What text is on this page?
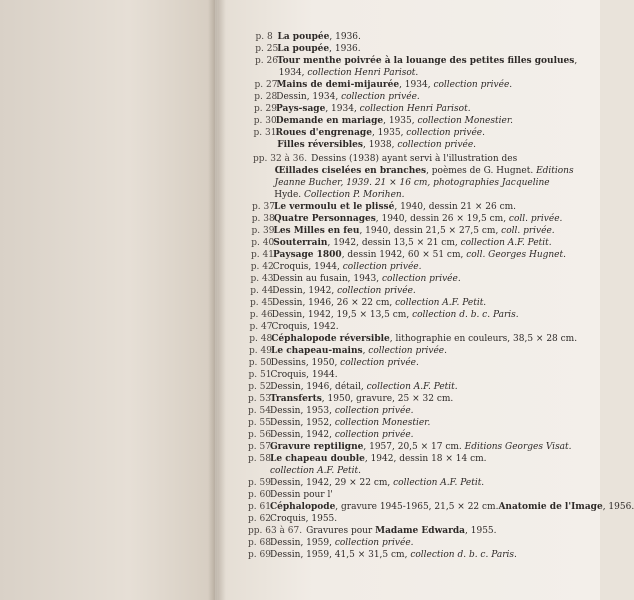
p. 8 La poupée, 1936.
p. 25La poupée, 1936.
p. 26Tour menthe poivrée à la louange des petites filles goulues,
1934, collection Henri Parisot.
p. 27Mains de demi-mijaurée, 1934, collection privée.
p. 28Dessin, 1934, collection privée.
p. 29Pays-sage, 1934, collection Henri Parisot.
p. 30Demande en mariage, 1935, collection Monestier.
p. 31Roues d'engrenage, 1935, collection privée.
Filles réversibles, 1938, collection privée.
pp. 32 à 36. Dessins (1938) ayant servi à l'illustration des
Œillades ciselées en branches, poèmes de G. Hugnet. Editions
Jeanne Bucher, 1939. 21 × 16 cm, photographies Jacqueline
Hyde. Collection P. Morihen.
p. 37Le vermoulu et le plissé, 1940, dessin 21 × 26 cm.
p. 38Quatre Personnages, 1940, dessin 26 × 19,5 cm, coll. privée.
p. 39Les Milles en feu, 1940, dessin 21,5 × 27,5 cm, coll. privée.
p. 40Souterrain, 1942, dessin 13,5 × 21 cm, collection A.F. Petit.
p. 41Paysage 1800, dessin 1942, 60 × 51 cm, coll. Georges Hugnet.
p. 42Croquis, 1944, collection privée.
p. 43Dessin au fusain, 1943, collection privée.
p. 44Dessin, 1942, collection privée.
p. 45Dessin, 1946, 26 × 22 cm, collection A.F. Petit.
p. 46Dessin, 1942, 19,5 × 13,5 cm, collection d. b. c. Paris.
p. 47Croquis, 1942.
p. 48Céphalopode réversible, lithographie en couleurs, 38,5 × 28 cm.
p. 49Le chapeau-mains, collection privée.
p. 50Dessins, 1950, collection privée.
p. 51Croquis, 1944.
p. 52Dessin, 1946, détail, collection A.F. Petit.
p. 53Transferts, 1950, gravure, 25 × 32 cm.
p. 54Dessin, 1953, collection privée.
p. 55Dessin, 1952, collection Monestier.
p. 56Dessin, 1942, collection privée.
p. 57Gravure reptiligne, 1957, 20,5 × 17 cm. Editions Georges Visat.
p. 58Le chapeau double, 1942, dessin 18 × 14 cm.
collection A.F. Petit.
p. 59Dessin, 1942, 29 × 22 cm, collection A.F. Petit.
p. 60Dessin pour l'
p. 61Céphalopode, gravure 1945-1965, 21,5 × 22 cm.Anatomie de l'Image, 1956.
p. 62Croquis, 1955.
pp. 63 à 67. Gravures pour Madame Edwarda, 1955.
p. 68Dessin, 1959, collection privée.
p. 69Dessin, 1959, 41,5 × 31,5 cm, collection d. b. c. Paris.
